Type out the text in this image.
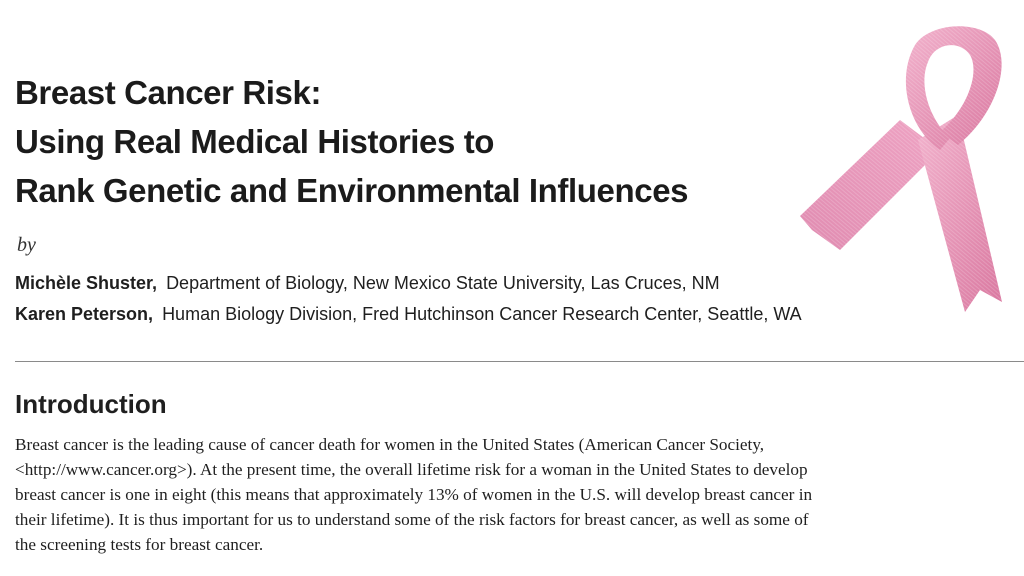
Breast Cancer Risk:
Using Real Medical Histories to
Rank Genetic and Environmental Influences
by
Michèle Shuster, Department of Biology, New Mexico State University, Las Cruces, NM
Karen Peterson, Human Biology Division, Fred Hutchinson Cancer Research Center, Seattle, WA
Introduction
Breast cancer is the leading cause of cancer death for women in the United States (American Cancer Society,
<http://www.cancer.org>). At the present time, the overall lifetime risk for a woman in the United States to develop
breast cancer is one in eight (this means that approximately 13% of women in the U.S. will develop breast cancer in
their lifetime). It is thus important for us to understand some of the risk factors for breast cancer, as well as some of
the screening tests for breast cancer.
